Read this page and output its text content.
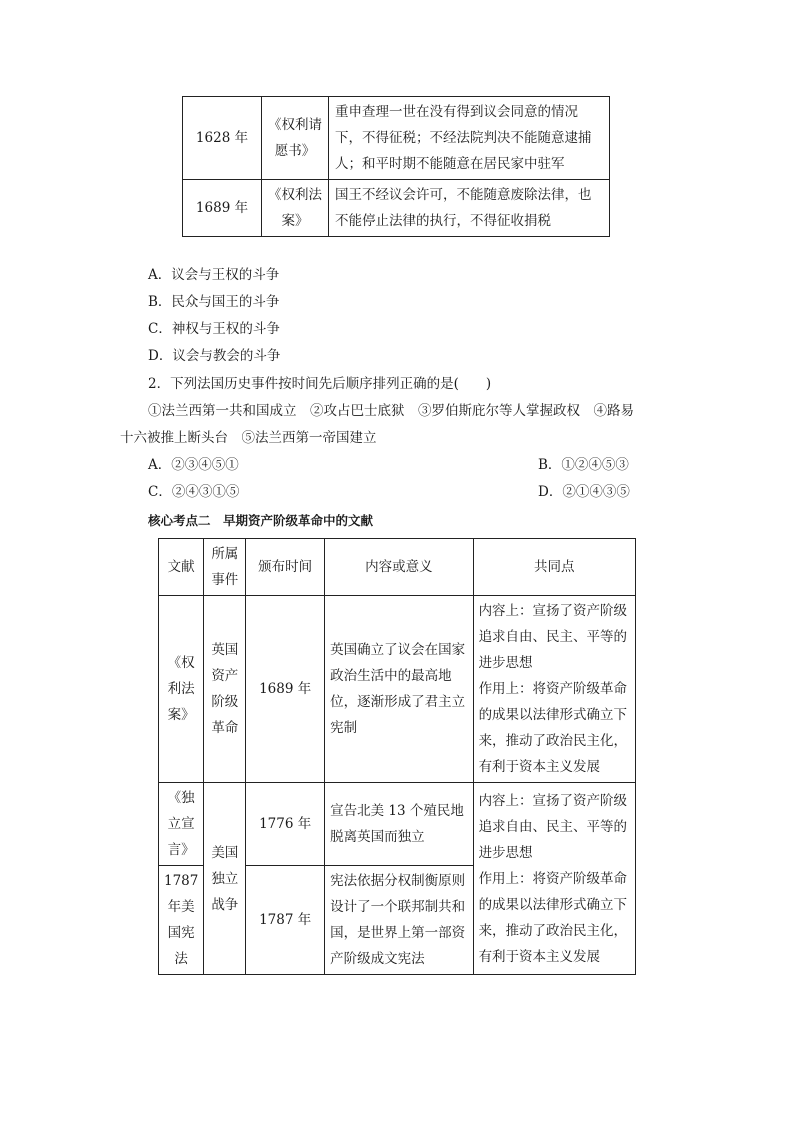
1628 年	《权利请愿书》	重申查理一世在没有得到议会同意的情况下，不得征税；不经法院判决不能随意逮捕人；和平时期不能随意在居民家中驻军
1689 年	《权利法案》	国王不经议会许可，不能随意废除法律，也不能停止法律的执行，不得征收捐税
A．议会与王权的斗争
B．民众与国王的斗争
C．神权与王权的斗争
D．议会与教会的斗争
2．下列法国历史事件按时间先后顺序排列正确的是(　　)
①法兰西第一共和国成立　②攻占巴士底狱　③罗伯斯庇尔等人掌握政权　④路易
十六被推上断头台　⑤法兰西第一帝国建立
A．②③④⑤①	B．①②④⑤③
C．②④③①⑤	D．②①④③⑤
核心考点二　早期资产阶级革命中的文献
文献	所属事件	颁布时间	内容或意义	共同点
《权利法案》	英国资产阶级革命	1689 年	英国确立了议会在国家政治生活中的最高地位，逐渐形成了君主立宪制	内容上：宣扬了资产阶级追求自由、民主、平等的进步思想
作用上：将资产阶级革命的成果以法律形式确立下来，推动了政治民主化，有利于资本主义发展
《独立宣言》	美国独立战争	1776 年	宣告北美 13 个殖民地脱离英国而独立	内容上：宣扬了资产阶级追求自由、民主、平等的进步思想
作用上：将资产阶级革命的成果以法律形式确立下来，推动了政治民主化，有利于资本主义发展
1787 年美国宪法		1787 年	宪法依据分权制衡原则设计了一个联邦制共和国，是世界上第一部资产阶级成文宪法	
